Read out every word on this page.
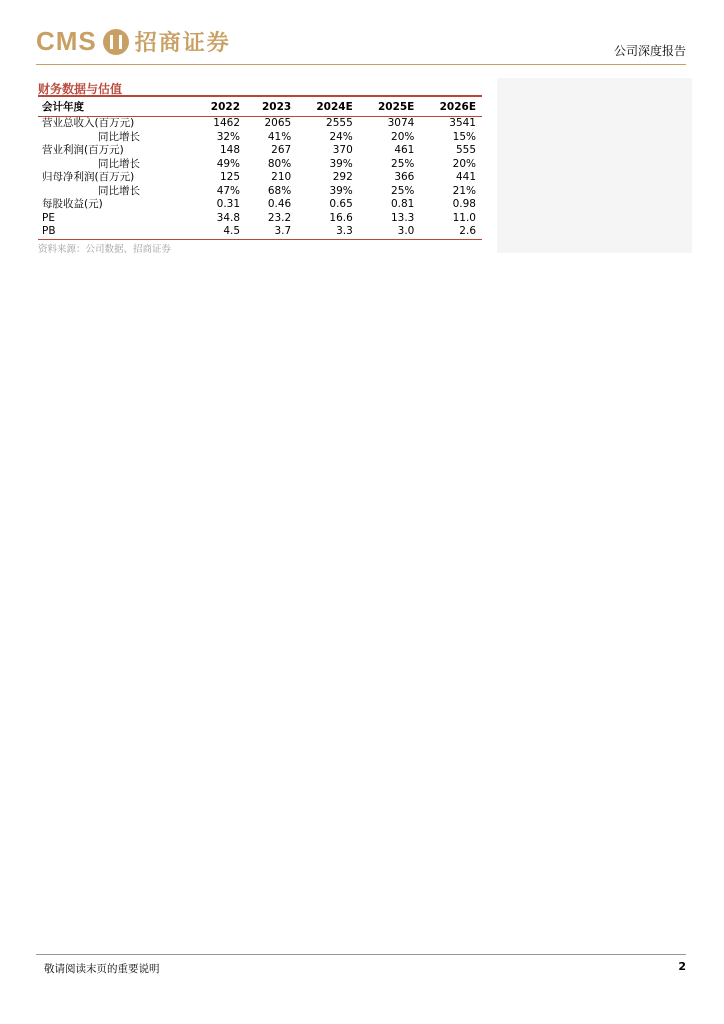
CMS 招商证券	公司深度报告
财务数据与估值
会计年度	2022	2023	2024E	2025E	2026E
营业总收入(百万元)	1462	2065	2555	3074	3541
同比增长	32%	41%	24%	20%	15%
营业利润(百万元)	148	267	370	461	555
同比增长	49%	80%	39%	25%	20%
归母净利润(百万元)	125	210	292	366	441
同比增长	47%	68%	39%	25%	21%
每股收益(元)	0.31	0.46	0.65	0.81	0.98
PE	34.8	23.2	16.6	13.3	11.0
PB	4.5	3.7	3.3	3.0	2.6
资料来源：公司数据、招商证券
敬请阅读末页的重要说明	2
